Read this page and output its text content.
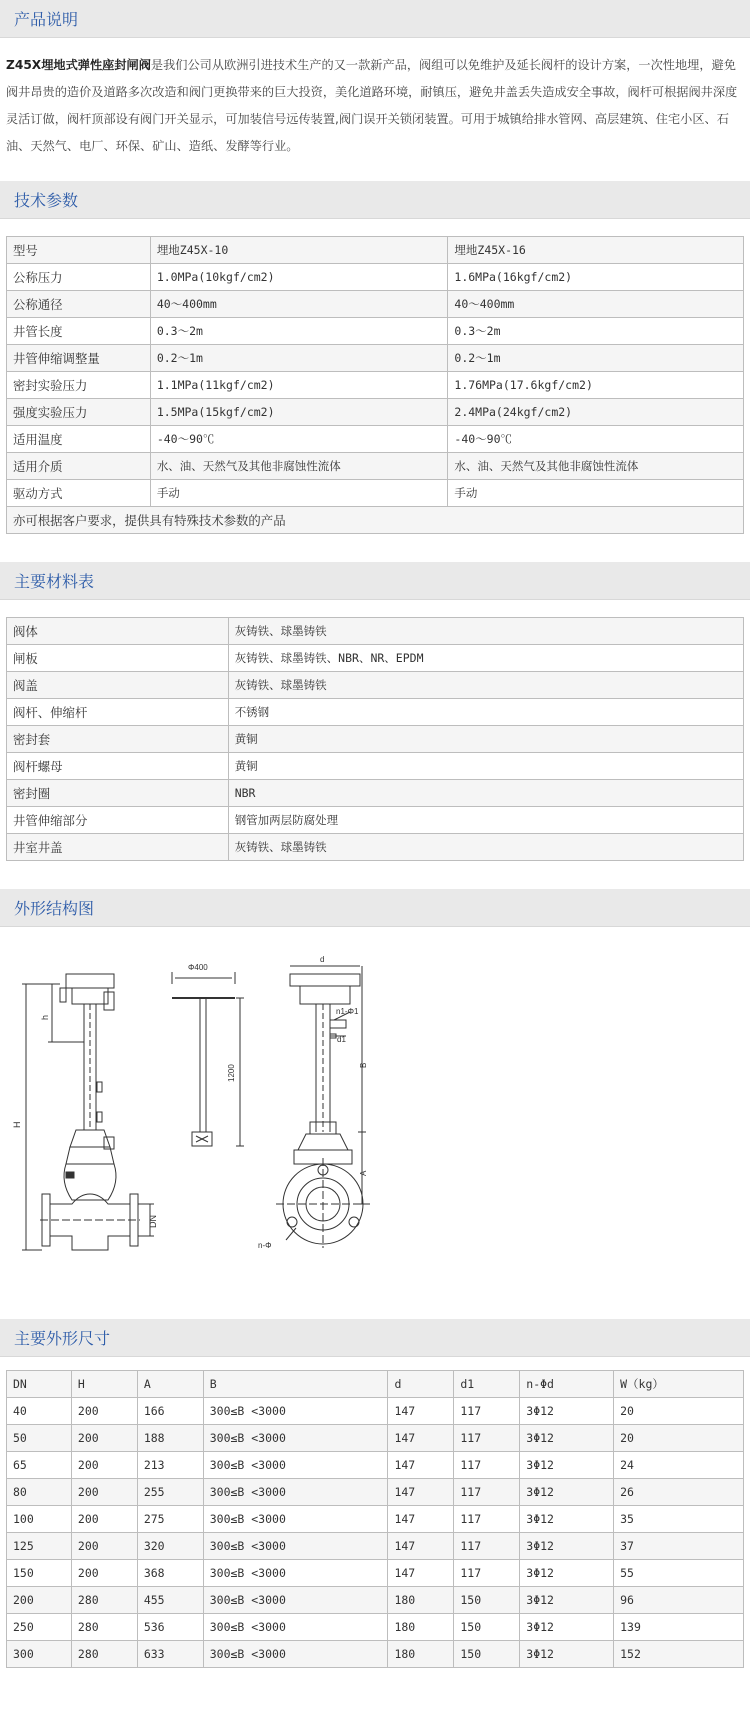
产品说明
Z45X埋地式弹性座封闸阀是我们公司从欧洲引进技术生产的又一款新产品，阀组可以免维护及延长阀杆的设计方案，一次性地埋，避免阀井昂贵的造价及道路多次改造和阀门更换带来的巨大投资，美化道路环境，耐镇压，避免井盖丢失造成安全事故，阀杆可根据阀井深度灵活订做，阀杆顶部设有阀门开关显示，可加装信号远传装置,阀门误开关锁闭装置。可用于城镇给排水管网、高层建筑、住宅小区、石油、天然气、电厂、环保、矿山、造纸、发酵等行业。
技术参数
型号	埋地Z45X-10	埋地Z45X-16
公称压力	1.0MPa(10kgf/cm2)	1.6MPa(16kgf/cm2)
公称通径	40～400mm	40～400mm
井管长度	0.3～2m	0.3～2m
井管伸缩调整量	0.2～1m	0.2～1m
密封实验压力	1.1MPa(11kgf/cm2)	1.76MPa(17.6kgf/cm2)
强度实验压力	1.5MPa(15kgf/cm2)	2.4MPa(24kgf/cm2)
适用温度	-40～90℃	-40～90℃
适用介质	水、油、天然气及其他非腐蚀性流体	水、油、天然气及其他非腐蚀性流体
驱动方式	手动	手动
亦可根据客户要求，提供具有特殊技术参数的产品		
主要材料表
阀体	灰铸铁、球墨铸铁
闸板	灰铸铁、球墨铸铁、NBR、NR、EPDM
阀盖	灰铸铁、球墨铸铁
阀杆、伸缩杆	不锈钢
密封套	黄铜
阀杆螺母	黄铜
密封圈	NBR
井管伸缩部分	钢管加两层防腐处理
井室井盖	灰铸铁、球墨铸铁
外形结构图
H
h
DN
Φ400
1200
d
d1
n1-Φ1
B
A
n-Φ
主要外形尺寸
DN	H	A	B	d	d1	n-Φd	W（kg）
40	200	166	300≤B <3000	147	117	3Φ12	20
50	200	188	300≤B <3000	147	117	3Φ12	20
65	200	213	300≤B <3000	147	117	3Φ12	24
80	200	255	300≤B <3000	147	117	3Φ12	26
100	200	275	300≤B <3000	147	117	3Φ12	35
125	200	320	300≤B <3000	147	117	3Φ12	37
150	200	368	300≤B <3000	147	117	3Φ12	55
200	280	455	300≤B <3000	180	150	3Φ12	96
250	280	536	300≤B <3000	180	150	3Φ12	139
300	280	633	300≤B <3000	180	150	3Φ12	152
